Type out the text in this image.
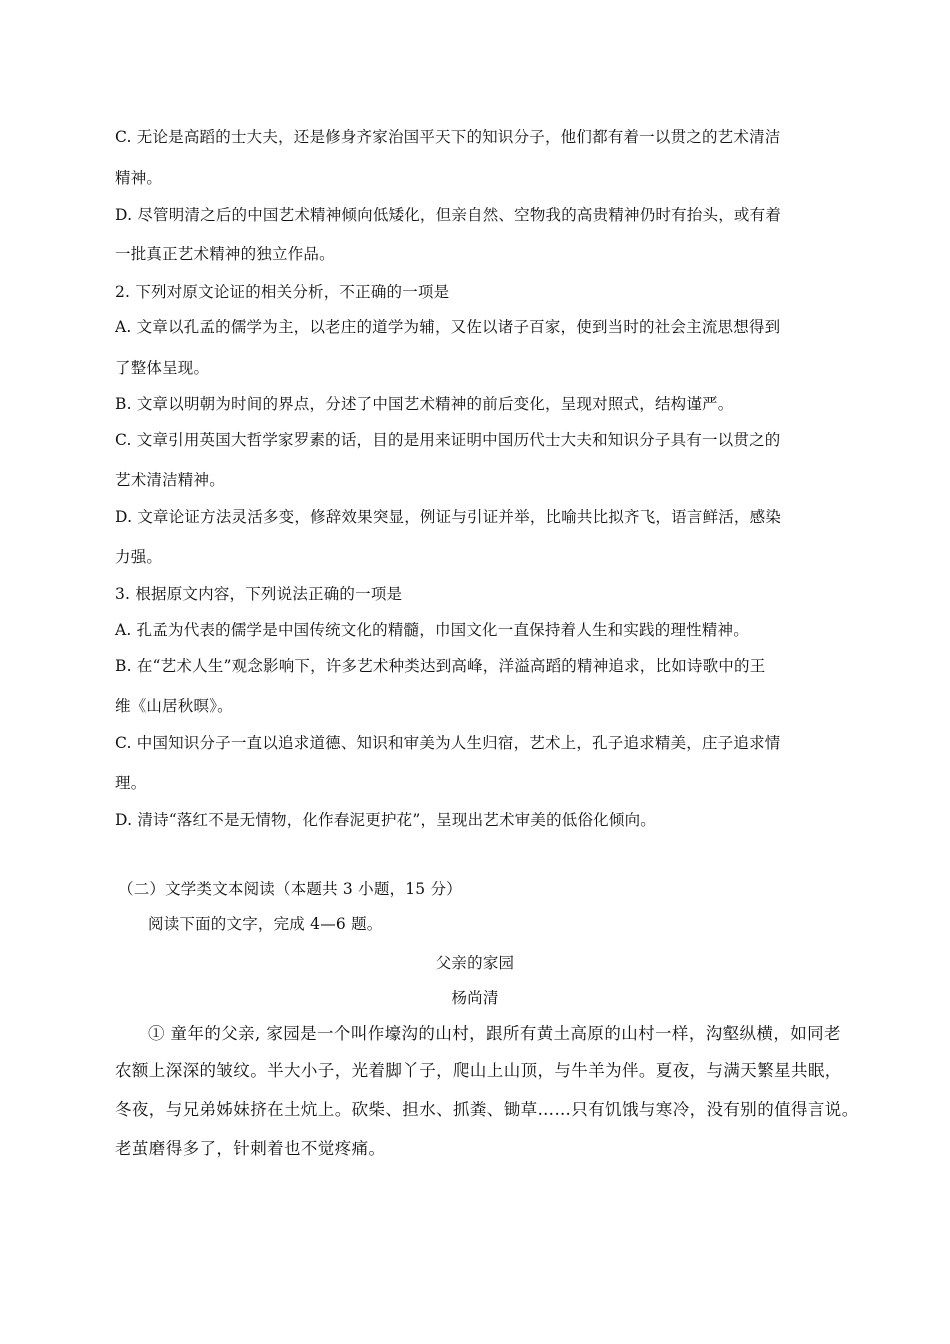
C. 无论是高蹈的士大夫，还是修身齐家治国平天下的知识分子，他们都有着一以贯之的艺术清洁
精神。
D. 尽管明清之后的中国艺术精神倾向低矮化，但亲自然、空物我的高贵精神仍时有抬头，或有着
一批真正艺术精神的独立作品。
2. 下列对原文论证的相关分析，不正确的一项是
A. 文章以孔孟的儒学为主，以老庄的道学为辅，又佐以诸子百家，使到当时的社会主流思想得到
了整体呈现。
B. 文章以明朝为时间的界点，分述了中国艺术精神的前后变化，呈现对照式，结构谨严。
C. 文章引用英国大哲学家罗素的话，目的是用来证明中国历代士大夫和知识分子具有一以贯之的
艺术清洁精神。
D. 文章论证方法灵活多变，修辞效果突显，例证与引证并举，比喻共比拟齐飞，语言鲜活，感染
力强。
3. 根据原文内容，下列说法正确的一项是
A. 孔孟为代表的儒学是中国传统文化的精髓，巾国文化一直保持着人生和实践的理性精神。
B. 在“艺术人生”观念影响下，许多艺术种类达到高峰，洋溢高蹈的精神追求，比如诗歌中的王
维《山居秋暝》。
C. 中国知识分子一直以追求道德、知识和审美为人生归宿，艺术上，孔子追求精美，庄子追求情
理。
D. 清诗“落红不是无情物，化作春泥更护花”，呈现出艺术审美的低俗化倾向。
（二）文学类文本阅读（本题共 3 小题，15 分）
阅读下面的文字，完成 4—6 题。
父亲的家园
杨尚清
① 童年的父亲, 家园是一个叫作壕沟的山村，跟所有黄土高原的山村一样，沟壑纵横，如同老
农额上深深的皱纹。半大小子，光着脚丫子，爬山上山顶，与牛羊为伴。夏夜，与满天繁星共眠，
冬夜，与兄弟姊妹挤在土炕上。砍柴、担水、抓粪、锄草……只有饥饿与寒冷，没有别的值得言说。
老茧磨得多了，针刺着也不觉疼痛。
